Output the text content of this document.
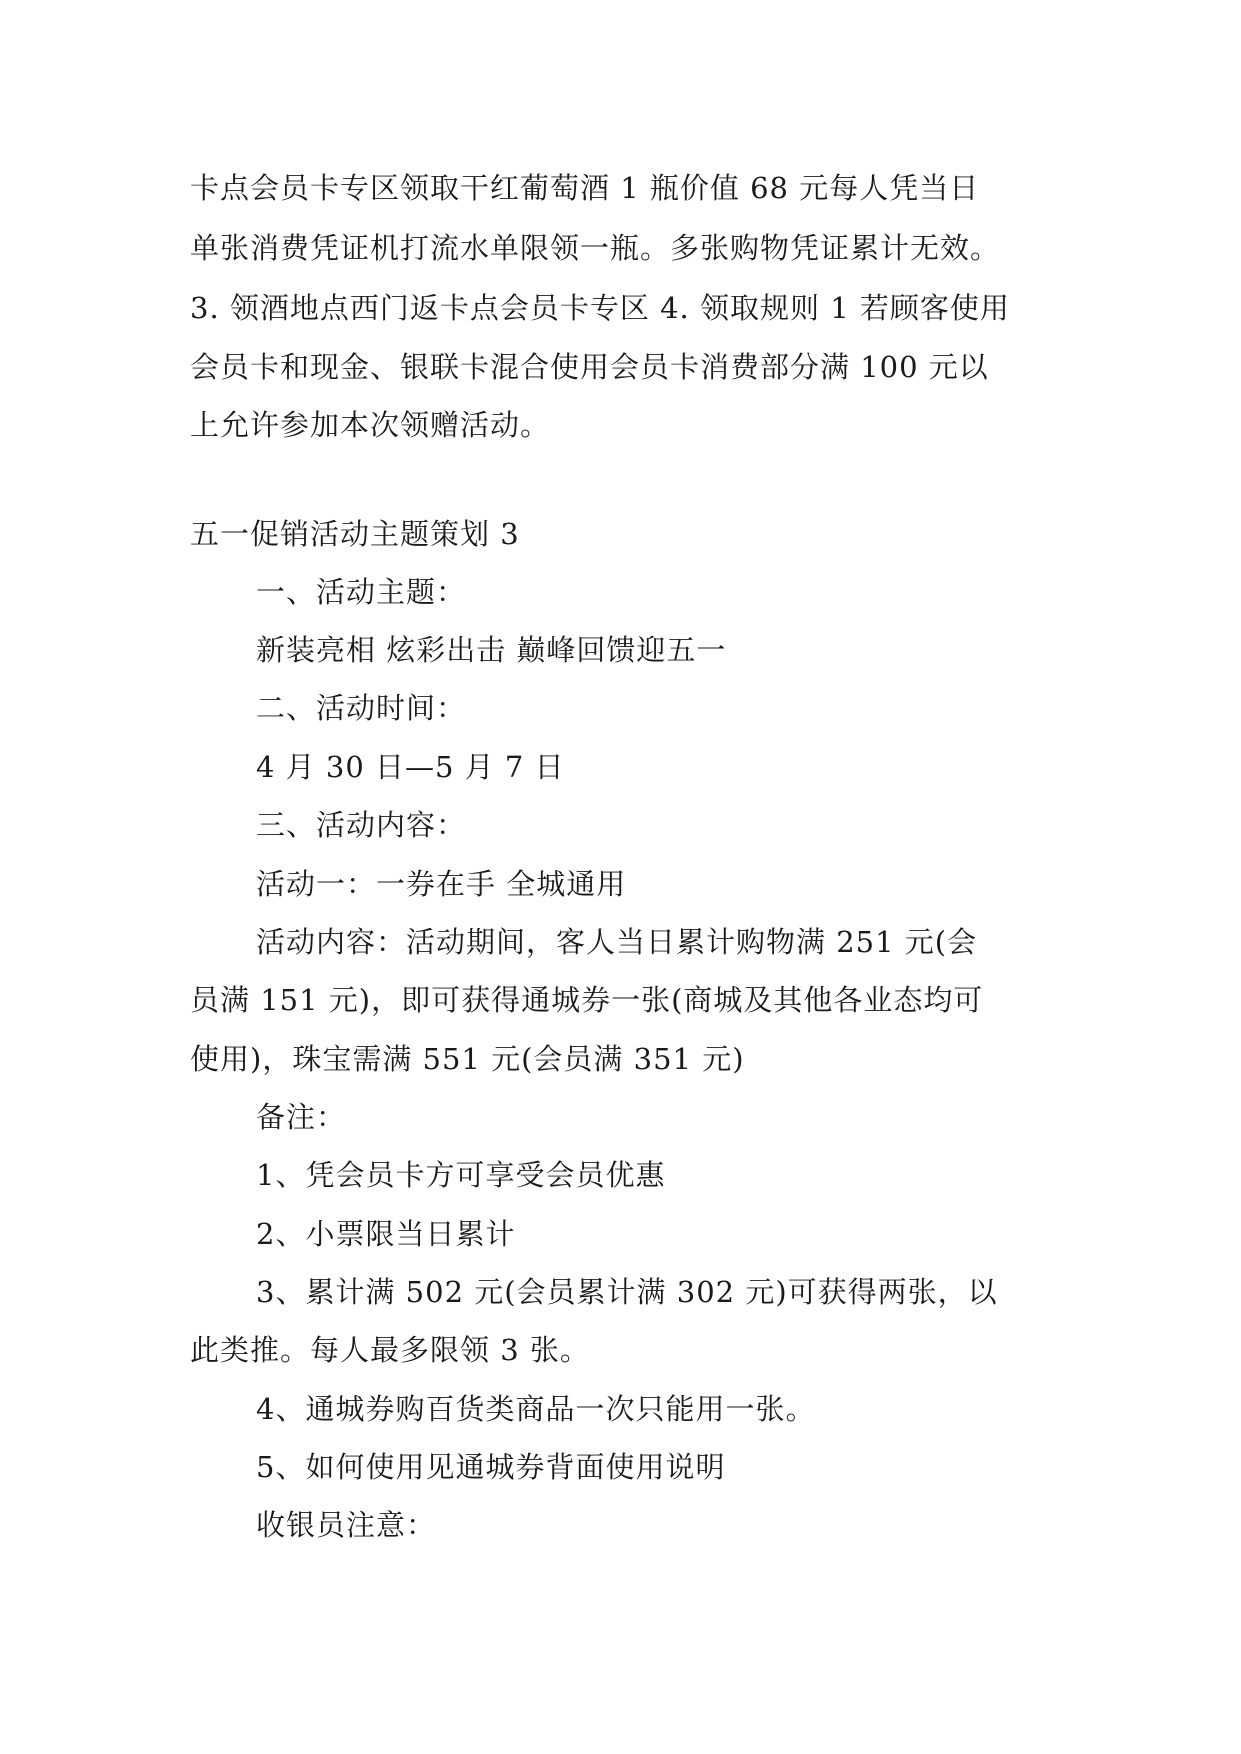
卡点会员卡专区领取干红葡萄酒 1 瓶价值 68 元每人凭当日
单张消费凭证机打流水单限领一瓶。多张购物凭证累计无效。
3. 领酒地点西门返卡点会员卡专区 4. 领取规则 1 若顾客使用
会员卡和现金、银联卡混合使用会员卡消费部分满 100 元以
上允许参加本次领赠活动。
五一促销活动主题策划 3
一、活动主题：
新装亮相 炫彩出击 巅峰回馈迎五一
二、活动时间：
4 月 30 日—5 月 7 日
三、活动内容：
活动一：一券在手 全城通用
活动内容：活动期间，客人当日累计购物满 251 元(会
员满 151 元)，即可获得通城券一张(商城及其他各业态均可
使用)，珠宝需满 551 元(会员满 351 元)
备注：
1、凭会员卡方可享受会员优惠
2、小票限当日累计
3、累计满 502 元(会员累计满 302 元)可获得两张，以
此类推。每人最多限领 3 张。
4、通城券购百货类商品一次只能用一张。
5、如何使用见通城券背面使用说明
收银员注意：
